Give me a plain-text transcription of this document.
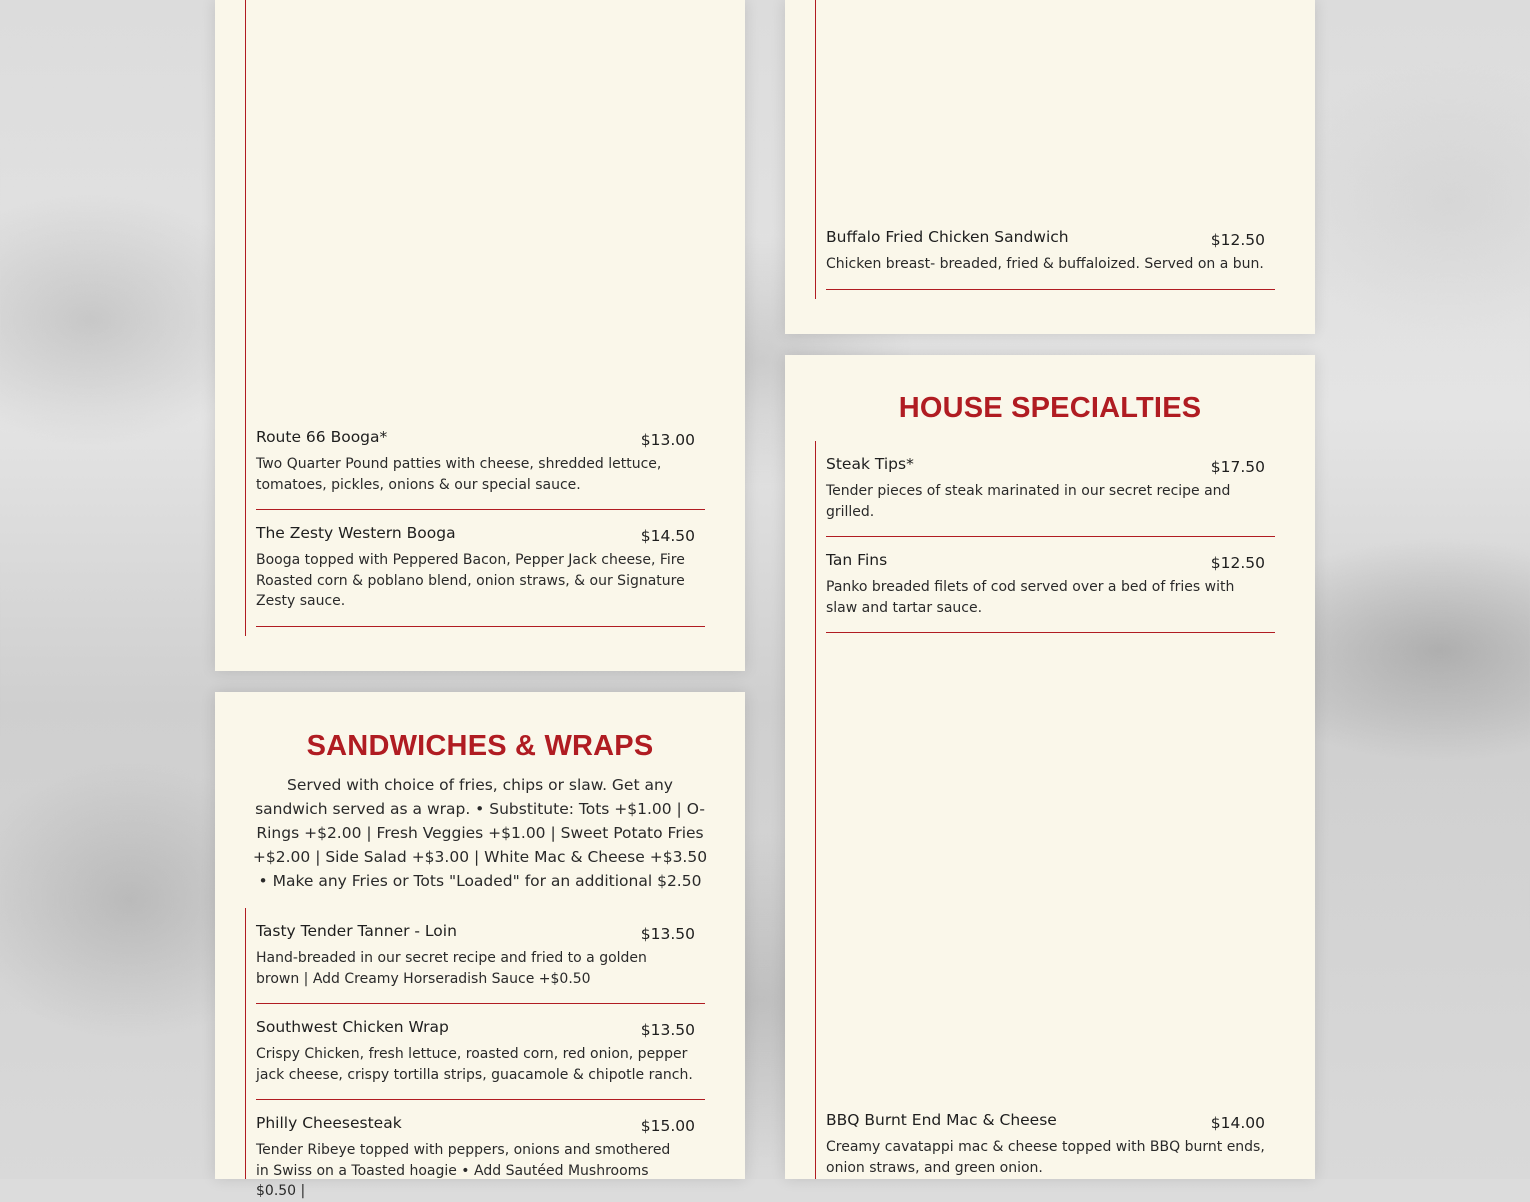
Route 66 Booga*	$13.00
Two Quarter Pound patties with cheese, shredded lettuce, tomatoes, pickles, onions & our special sauce.
The Zesty Western Booga	$14.50
Booga topped with Peppered Bacon, Pepper Jack cheese, Fire Roasted corn & poblano blend, onion straws, & our Signature Zesty sauce.
SANDWICHES & WRAPS
Served with choice of fries, chips or slaw. Get any sandwich served as a wrap. • Substitute: Tots +$1.00 | O-Rings +$2.00 | Fresh Veggies +$1.00 | Sweet Potato Fries +$2.00 | Side Salad +$3.00 | White Mac & Cheese +$3.50 • Make any Fries or Tots "Loaded" for an additional $2.50
Tasty Tender Tanner - Loin	$13.50
Hand-breaded in our secret recipe and fried to a golden brown | Add Creamy Horseradish Sauce +$0.50
Southwest Chicken Wrap	$13.50
Crispy Chicken, fresh lettuce, roasted corn, red onion, pepper jack cheese, crispy tortilla strips, guacamole & chipotle ranch.
Philly Cheesesteak	$15.00
Tender Ribeye topped with peppers, onions and smothered in Swiss on a Toasted hoagie • Add Sautéed Mushrooms $0.50 |
Buffalo Fried Chicken Sandwich	$12.50
Chicken breast- breaded, fried & buffaloized. Served on a bun.
HOUSE SPECIALTIES
Steak Tips*	$17.50
Tender pieces of steak marinated in our secret recipe and grilled.
Tan Fins	$12.50
Panko breaded filets of cod served over a bed of fries with slaw and tartar sauce.
BBQ Burnt End Mac & Cheese	$14.00
Creamy cavatappi mac & cheese topped with BBQ burnt ends, onion straws, and green onion.
